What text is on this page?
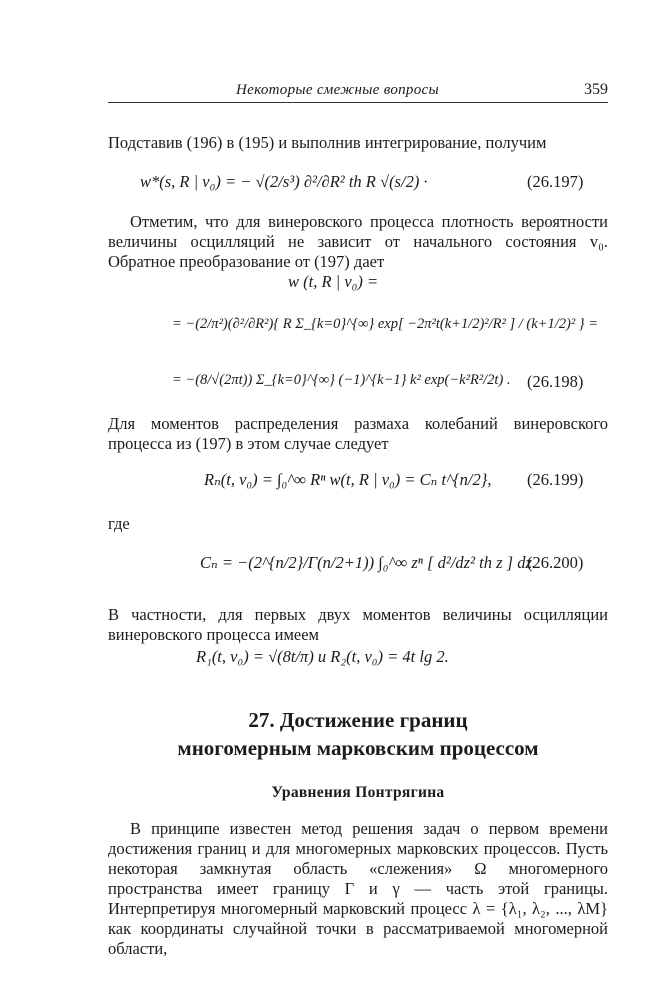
Некоторые смежные вопросы	359
Подставив (196) в (195) и выполнив интегрирование, получим
w*(s, R | v₀) = − √(2/s³) ∂²/∂R² th R √(s/2) ·	(26.197)
Отметим, что для винеровского процесса плотность вероятности величины осцилляций не зависит от начального состояния v₀. Обратное преобразование от (197) дает
w (t, R | v₀) =
= −(2/π²)(∂²/∂R²){ R Σ_{k=0}^{∞} exp[ −2π²t(k+1/2)²/R² ] / (k+1/2)² } =
= −(8/√(2πt)) Σ_{k=0}^{∞} (−1)^{k−1} k² exp(−k²R²/2t) . (26.198)
Для моментов распределения размаха колебаний винеровского процесса из (197) в этом случае следует
Rₙ(t, v₀) = ∫₀^∞ Rⁿ w(t, R | v₀) = Cₙ t^{n/2}, (26.199)
где
Cₙ = −(2^{n/2}/Γ(n/2+1)) ∫₀^∞ zⁿ [ d²/dz² th z ] dz.
(26.200)
В частности, для первых двух моментов величины осцилляции винеровского процесса имеем
R₁(t, v₀) = √(8t/π) и R₂(t, v₀) = 4t lg 2.
27. Достижение границ
многомерным марковским процессом
Уравнения Понтрягина
В принципе известен метод решения задач о первом времени достижения границ и для многомерных марковских процессов. Пусть некоторая замкнутая область «слежения» Ω многомерного пространства имеет границу Γ и γ — часть этой границы. Интерпретируя многомерный марковский процесс λ = {λ₁, λ₂, ..., λM} как координаты случайной точки в рассматриваемой многомерной области,
